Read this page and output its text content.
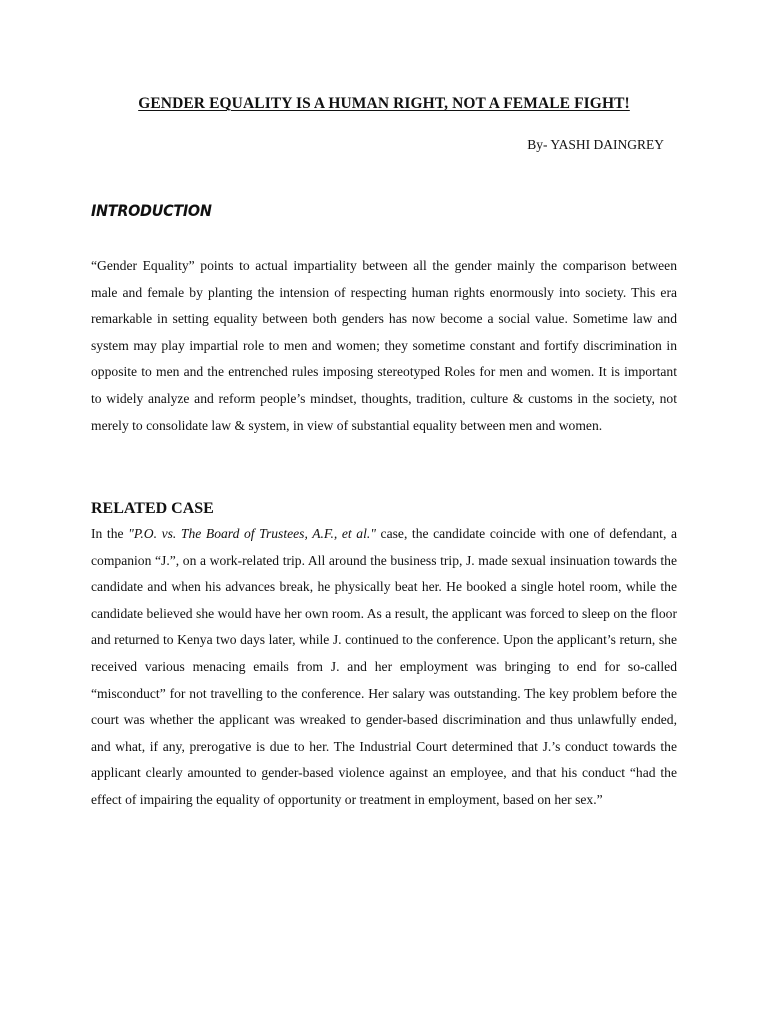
GENDER EQUALITY IS A HUMAN RIGHT, NOT A FEMALE FIGHT!

By- YASHI DAINGREY

INTRODUCTION

“Gender Equality” points to actual impartiality between all the gender mainly the comparison between male and female by planting the intension of respecting human rights enormously into society. This era remarkable in setting equality between both genders has now become a social value. Sometime law and system may play impartial role to men and women; they sometime constant and fortify discrimination in opposite to men and the entrenched rules imposing stereotyped Roles for men and women. It is important to widely analyze and reform people’s mindset, thoughts, tradition, culture & customs in the society, not merely to consolidate law & system, in view of substantial equality between men and women.

RELATED CASE

In the "P.O. vs. The Board of Trustees, A.F., et al." case, the candidate coincide with one of defendant, a companion “J.”, on a work-related trip. All around the business trip, J. made sexual insinuation towards the candidate and when his advances break, he physically beat her. He booked a single hotel room, while the candidate believed she would have her own room. As a result, the applicant was forced to sleep on the floor and returned to Kenya two days later, while J. continued to the conference. Upon the applicant’s return, she received various menacing emails from J. and her employment was bringing to end for so-called “misconduct” for not travelling to the conference. Her salary was outstanding. The key problem before the court was whether the applicant was wreaked to gender-based discrimination and thus unlawfully ended, and what, if any, prerogative is due to her. The Industrial Court determined that J.’s conduct towards the applicant clearly amounted to gender-based violence against an employee, and that his conduct “had the effect of impairing the equality of opportunity or treatment in employment, based on her sex.”
